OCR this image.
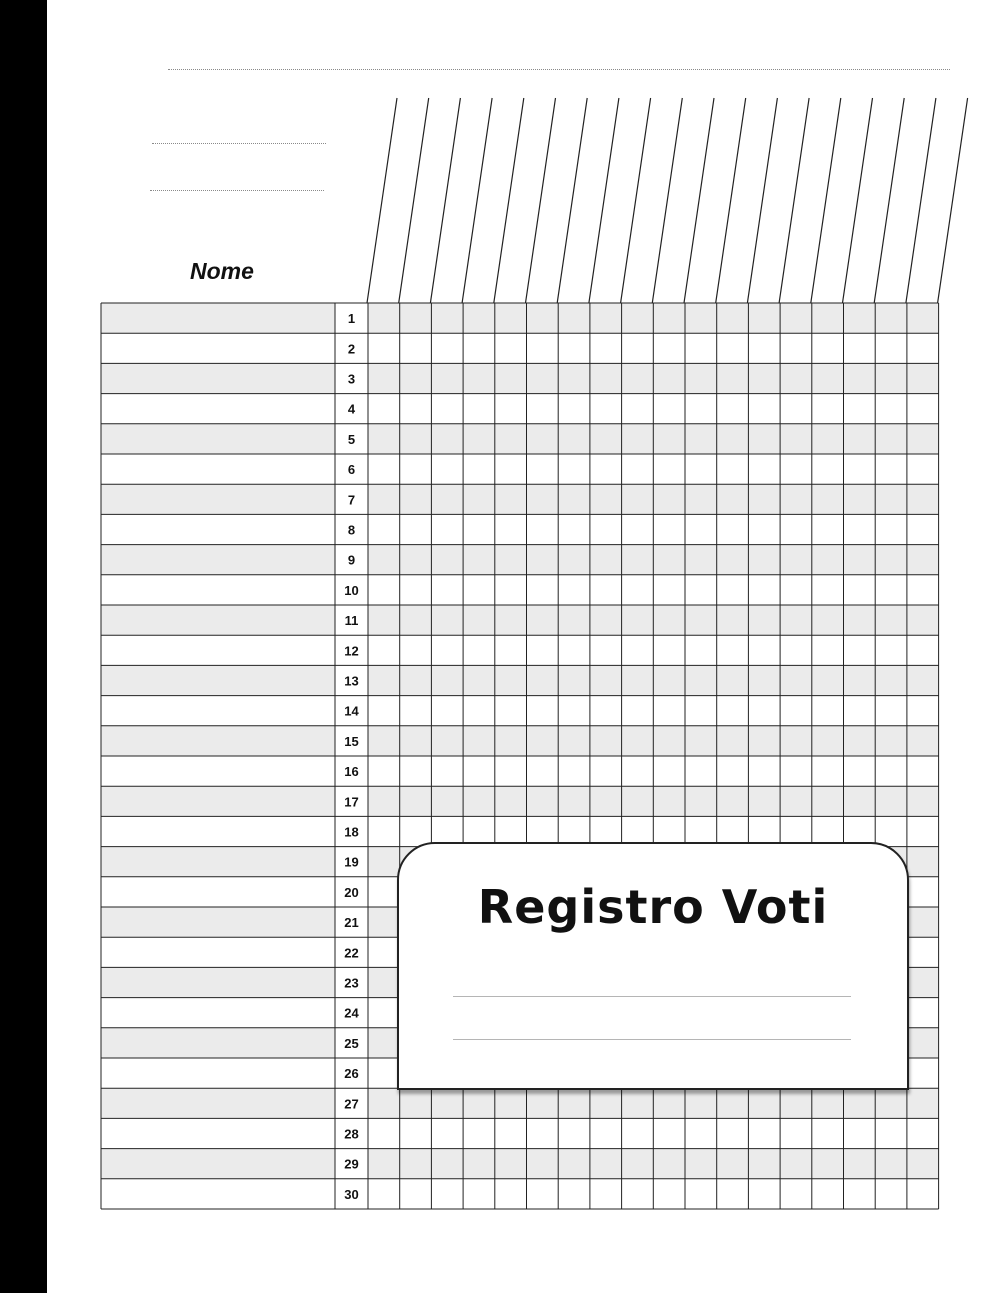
Nome
1
2
3
4
5
6
7
8
9
10
11
12
13
14
15
16
17
18
19
20
21
22
23
24
25
26
27
28
29
30
Registro Voti
